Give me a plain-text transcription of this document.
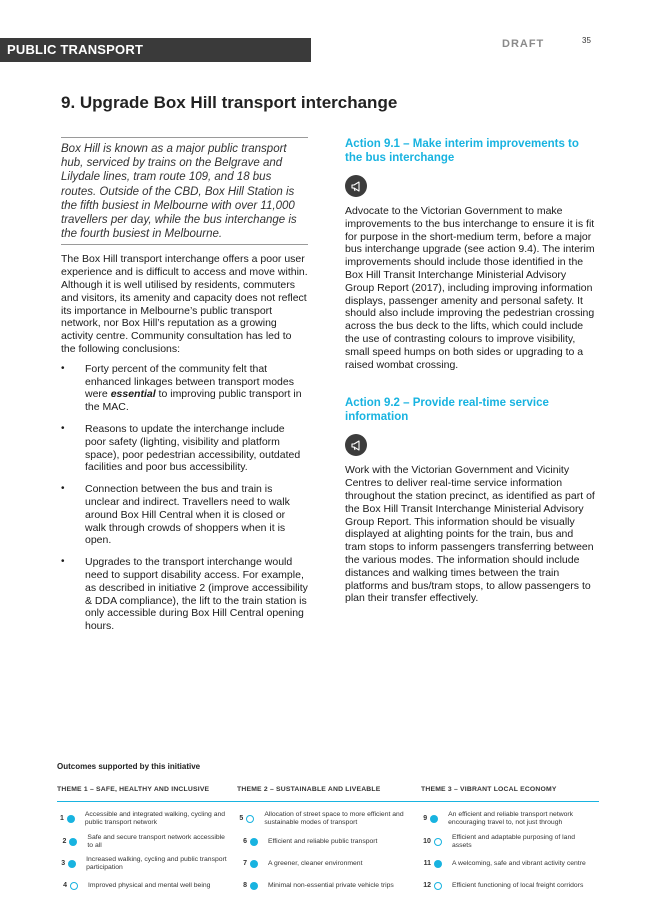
PUBLIC TRANSPORT	DRAFT	35
9. Upgrade Box Hill transport interchange
Box Hill is known as a major public transport hub, serviced by trains on the Belgrave and Lilydale lines, tram route 109, and 18 bus routes. Outside of the CBD, Box Hill Station is the fifth busiest in Melbourne with over 11,000 travellers per day, while the bus interchange is the fourth busiest in Melbourne.
The Box Hill transport interchange offers a poor user experience and is difficult to access and move within. Although it is well utilised by residents, commuters and visitors, its amenity and capacity does not reflect its importance in Melbourne’s public transport network, nor Box Hill’s reputation as a growing activity centre. Community consultation has led to the following conclusions:
• Forty percent of the community felt that enhanced linkages between transport modes were essential to improving public transport in the MAC.
• Reasons to update the interchange include poor safety (lighting, visibility and platform space), poor pedestrian accessibility, outdated facilities and poor bus accessibility.
• Connection between the bus and train is unclear and indirect. Travellers need to walk around Box Hill Central when it is closed or walk through crowds of shoppers when it is open.
• Upgrades to the transport interchange would need to support disability access. For example, as described in initiative 2 (improve accessibility & DDA compliance), the lift to the train station is only accessible during Box Hill Central opening hours.

Action 9.1 – Make interim improvements to the bus interchange

Advocate to the Victorian Government to make improvements to the bus interchange to ensure it is fit for purpose in the short-medium term, before a major bus interchange upgrade (see action 9.4). The interim improvements should include those identified in the Box Hill Transit Interchange Ministerial Advisory Group Report (2017), including improving information displays, passenger amenity and personal safety. It should also include improving the pedestrian crossing across the bus deck to the lifts, which could include the use of contrasting colours to improve visibility, small speed humps on both sides or upgrading to a raised wombat crossing.

Action 9.2 – Provide real-time service information

Work with the Victorian Government and Vicinity Centres to deliver real-time service information throughout the station precinct, as identified as part of the Box Hill Transit Interchange Ministerial Advisory Group Report. This information should be visually displayed at alighting points for the train, bus and tram stops to inform passengers transferring between the various modes. The information should include distances and walking times between the train platforms and bus/tram stops, to allow passengers to plan their transfer effectively.

Outcomes supported by this initiative
THEME 1 – SAFE, HEALTHY AND INCLUSIVE	THEME 2 – SUSTAINABLE AND LIVEABLE	THEME 3 – VIBRANT LOCAL ECONOMY
1
Accessible and integrated walking, cycling and public transport network
2
Safe and secure transport network accessible to all
3
Increased walking, cycling and public transport participation
4	Improved physical and mental well being
5
Allocation of street space to more efficient and sustainable modes of transport
6	Efficient and reliable public transport
7	A greener, cleaner environment
8	Minimal non-essential private vehicle trips
9
An efficient and reliable transport network encouraging travel to, not just through
10
Efficient and adaptable purposing of land assets
11	A welcoming, safe and vibrant activity centre
12	Efficient functioning of local freight corridors
